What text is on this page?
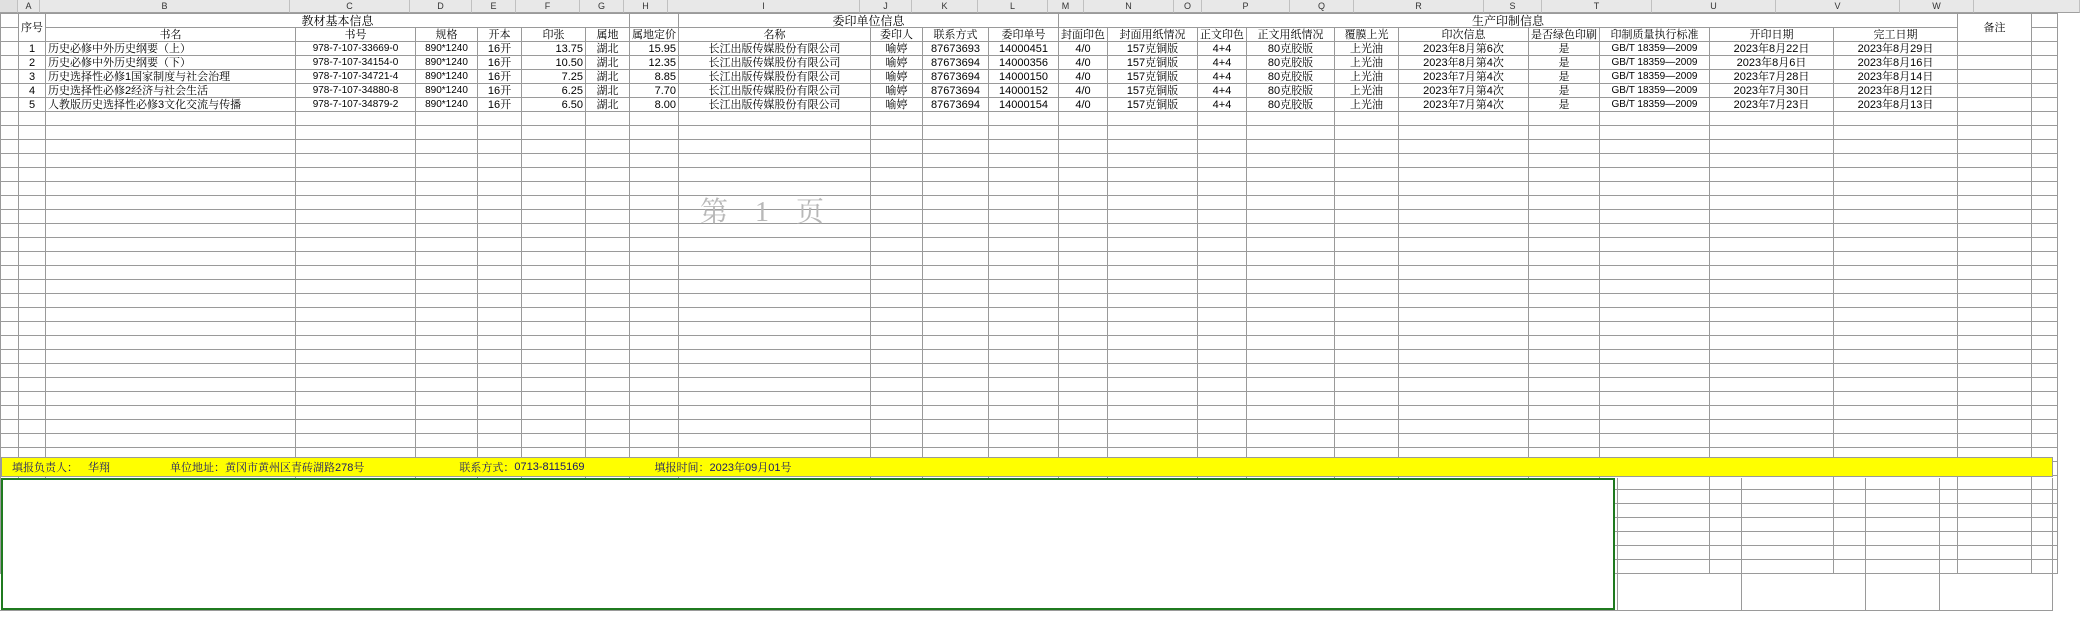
A	B	C	D	E	F	G	H	I	J	K	L	M	N	O	P	Q	R	S	T	U	V	W
	序号	教材基本信息							委印单位信息				生产印制信息										备注	
		书名	书号	规格	开本	印张	属地	属地定价	名称	委印人	联系方式	委印单号	封面印色	封面用纸情况	正文印色	正文用纸情况	覆膜上光	印次信息	是否绿色印刷	印制质量执行标准	开印日期	完工日期		
	1	历史必修中外历史纲要（上）	978-7-107-33669-0	890*1240	16开	13.75	湖北	15.95	长江出版传媒股份有限公司	喻婷	87673693	14000451	4/0	157克铜版	4+4	80克胶版	上光油	2023年8月第6次	是	GB/T 18359—2009	2023年8月22日	2023年8月29日		
	2	历史必修中外历史纲要（下）	978-7-107-34154-0	890*1240	16开	10.50	湖北	12.35	长江出版传媒股份有限公司	喻婷	87673694	14000356	4/0	157克铜版	4+4	80克胶版	上光油	2023年8月第4次	是	GB/T 18359—2009	2023年8月6日	2023年8月16日		
	3	历史选择性必修1国家制度与社会治理	978-7-107-34721-4	890*1240	16开	7.25	湖北	8.85	长江出版传媒股份有限公司	喻婷	87673694	14000150	4/0	157克铜版	4+4	80克胶版	上光油	2023年7月第4次	是	GB/T 18359—2009	2023年7月28日	2023年8月14日		
	4	历史选择性必修2经济与社会生活	978-7-107-34880-8	890*1240	16开	6.25	湖北	7.70	长江出版传媒股份有限公司	喻婷	87673694	14000152	4/0	157克铜版	4+4	80克胶版	上光油	2023年7月第4次	是	GB/T 18359—2009	2023年7月30日	2023年8月12日		
	5	人教版历史选择性必修3文化交流与传播	978-7-107-34879-2	890*1240	16开	6.50	湖北	8.00	长江出版传媒股份有限公司	喻婷	87673694	14000154	4/0	157克铜版	4+4	80克胶版	上光油	2023年7月第4次	是	GB/T 18359—2009	2023年7月23日	2023年8月13日		

第 1 页
填报负责人： 华翔	单位地址： 黄冈市黄州区青砖湖路278号	联系方式： 0713-8115169	填报时间： 2023年09月01号
